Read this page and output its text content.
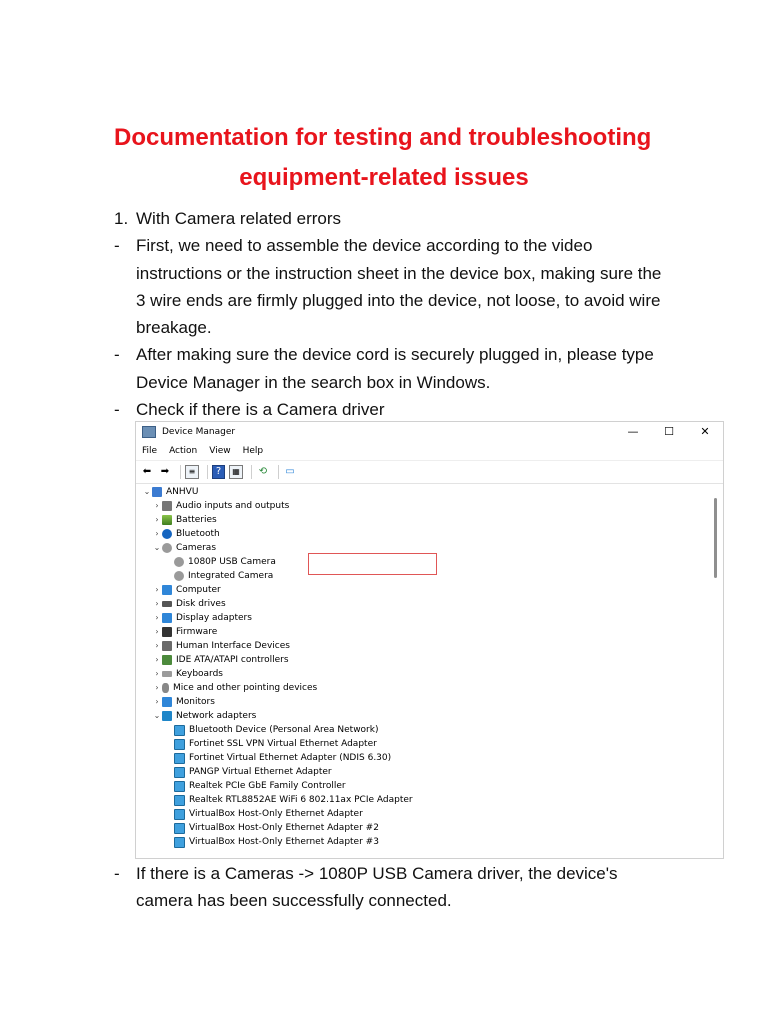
Documentation for testing and troubleshooting
equipment-related issues
1. With Camera related errors
- First, we need to assemble the device according to the video instructions or the instruction sheet in the device box, making sure the 3 wire ends are firmly plugged into the device, not loose, to avoid wire breakage.
- After making sure the device cord is securely plugged in, please type Device Manager in the search box in Windows.
- Check if there is a Camera driver
Device Manager	—	☐	✕
File Action View Help
⬅ ➡	≡	?	▦	⟲ ▭
⌄ ANHVU
›	Audio inputs and outputs
›	Batteries
›	Bluetooth
⌄ Cameras
1080P USB Camera
Integrated Camera
›	Computer
›	Disk drives
›	Display adapters
›	Firmware
›	Human Interface Devices
›	IDE ATA/ATAPI controllers
›	Keyboards
›	Mice and other pointing devices
›	Monitors
⌄ Network adapters
Bluetooth Device (Personal Area Network)
Fortinet SSL VPN Virtual Ethernet Adapter
Fortinet Virtual Ethernet Adapter (NDIS 6.30)
PANGP Virtual Ethernet Adapter
Realtek PCIe GbE Family Controller
Realtek RTL8852AE WiFi 6 802.11ax PCIe Adapter
VirtualBox Host-Only Ethernet Adapter
VirtualBox Host-Only Ethernet Adapter #2
VirtualBox Host-Only Ethernet Adapter #3
- If there is a Cameras -> 1080P USB Camera driver, the device's camera has been successfully connected.
